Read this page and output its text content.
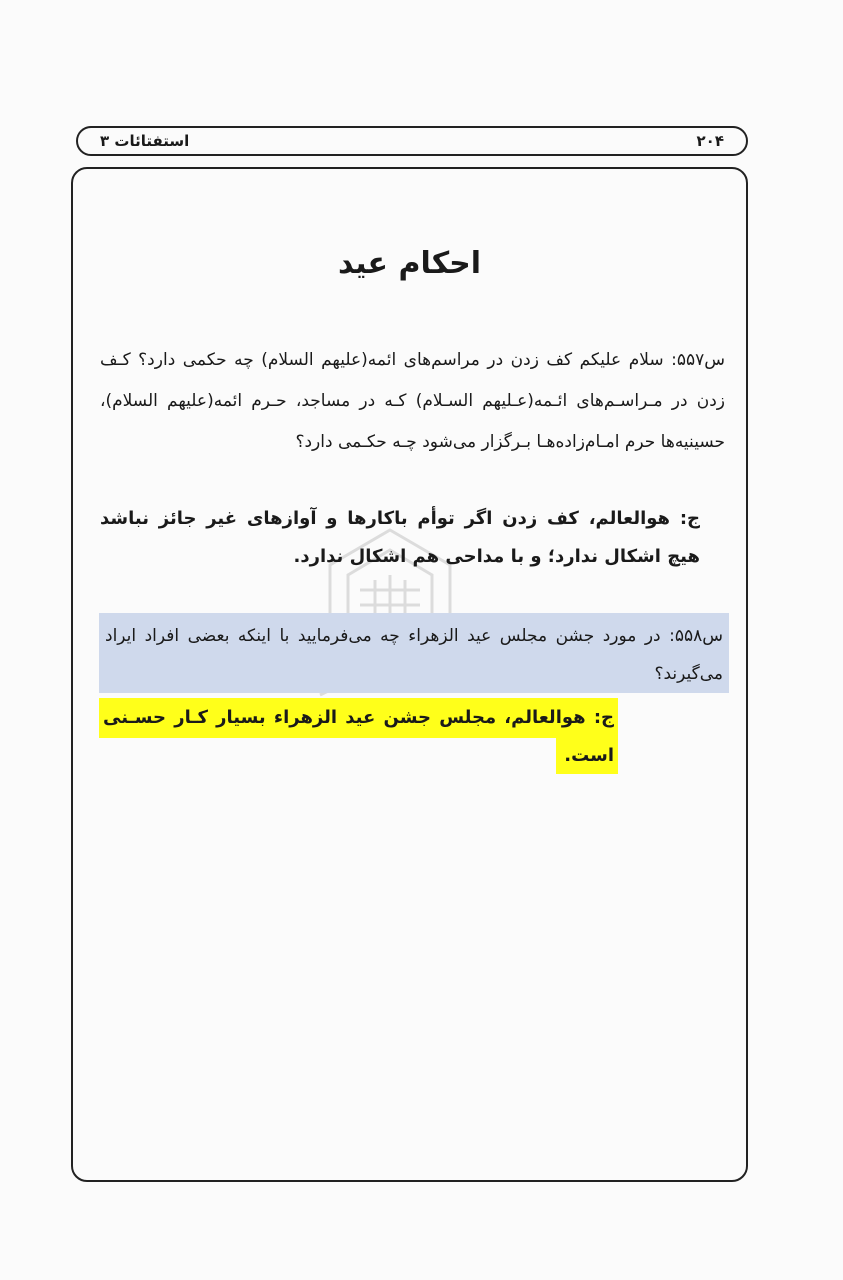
۲۰۴
استفتائات ۳
احکام عید
س۵۵۷: سلام علیکم کف زدن در مراسم‌های ائمه(علیهم السلام) چه حکمی دارد؟ کـف زدن در مـراسـم‌های ائـمه(عـلیهم السـلام) کـه در مساجد، حـرم ائمه(علیهم السلام)، حسینیه‌ها حرم امـام‌زاده‌هـا بـرگزار می‌شود چـه حکـمی دارد؟
ج: هو‌العالم، کف زدن اگر توأم باکارها و آوازهای غیر جائز نباشد هیچ اشکال ندارد؛ و با مداحی هم اشکال ندارد.
س۵۵۸: در مورد جشن مجلس عید الزهراء چه می‌فرمایید با اینکه بعضی افراد ایراد می‌گیرند؟
ج: هو‌العالم، مجلس جشن عید الزهراء بسیار کـار حسـنی
است.
